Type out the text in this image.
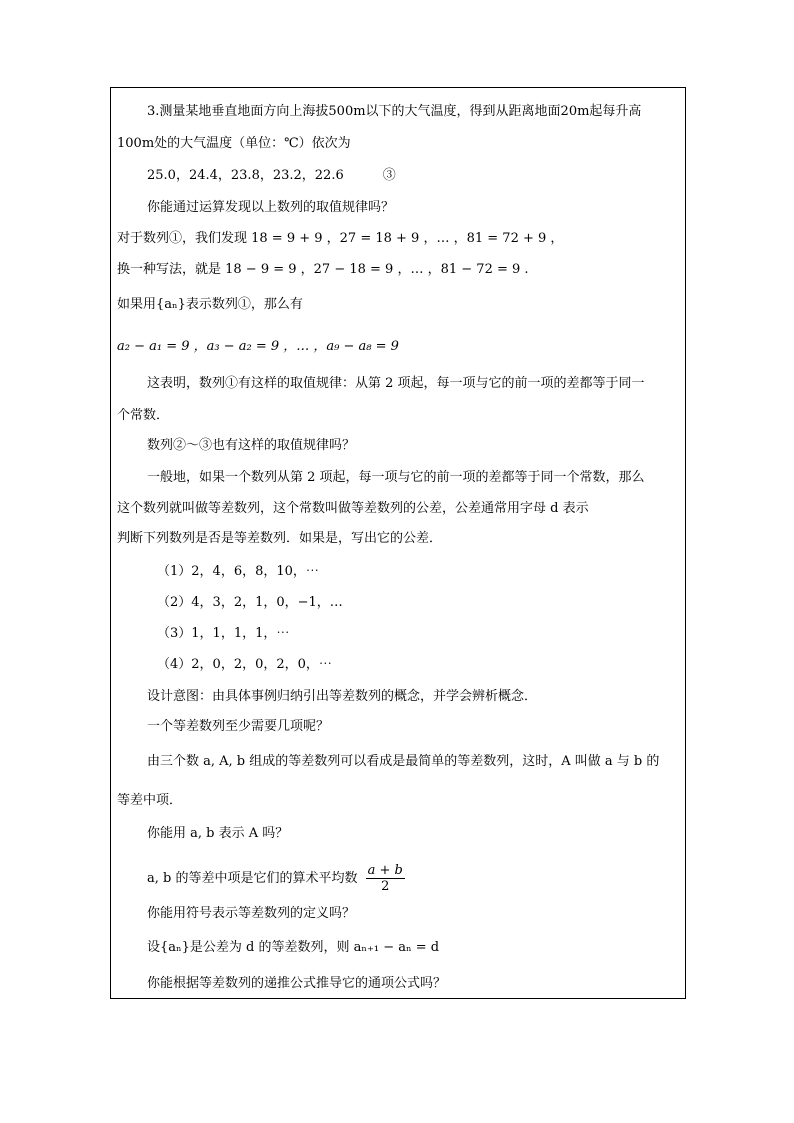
3.测量某地垂直地面方向上海拔500m以下的大气温度，得到从距离地面20m起每升高
100m处的大气温度（单位：℃）依次为
25.0，24.4，23.8，23.2，22.6　　　③
你能通过运算发现以上数列的取值规律吗？
对于数列①，我们发现 18 = 9 + 9 ，27 = 18 + 9 ，… ，81 = 72 + 9 ，
换一种写法，就是 18 − 9 = 9 ，27 − 18 = 9 ，… ，81 − 72 = 9 .
如果用{aₙ}表示数列①，那么有
a₂ − a₁ = 9 ，a₃ − a₂ = 9 ，… ，a₉ − a₈ = 9
这表明，数列①有这样的取值规律：从第 2 项起，每一项与它的前一项的差都等于同一
个常数．
数列②～③也有这样的取值规律吗？
一般地，如果一个数列从第 2 项起，每一项与它的前一项的差都等于同一个常数，那么
这个数列就叫做等差数列，这个常数叫做等差数列的公差，公差通常用字母 d 表示
判断下列数列是否是等差数列．如果是，写出它的公差．
（1）2，4，6，8，10，⋯
（2）4，3，2，1，0，−1，…
（3）1，1，1，1，⋯
（4）2，0，2，0，2，0，⋯
设计意图：由具体事例归纳引出等差数列的概念，并学会辨析概念．
一个等差数列至少需要几项呢？
由三个数 a, A, b 组成的等差数列可以看成是最简单的等差数列，这时，A 叫做 a 与 b 的
等差中项．
你能用 a, b 表示 A 吗？
a, b 的等差中项是它们的算术平均数 $\frac{a + b}{2}$
你能用符号表示等差数列的定义吗？
设{aₙ}是公差为 d 的等差数列，则 aₙ₊₁ − aₙ = d
你能根据等差数列的递推公式推导它的通项公式吗？
